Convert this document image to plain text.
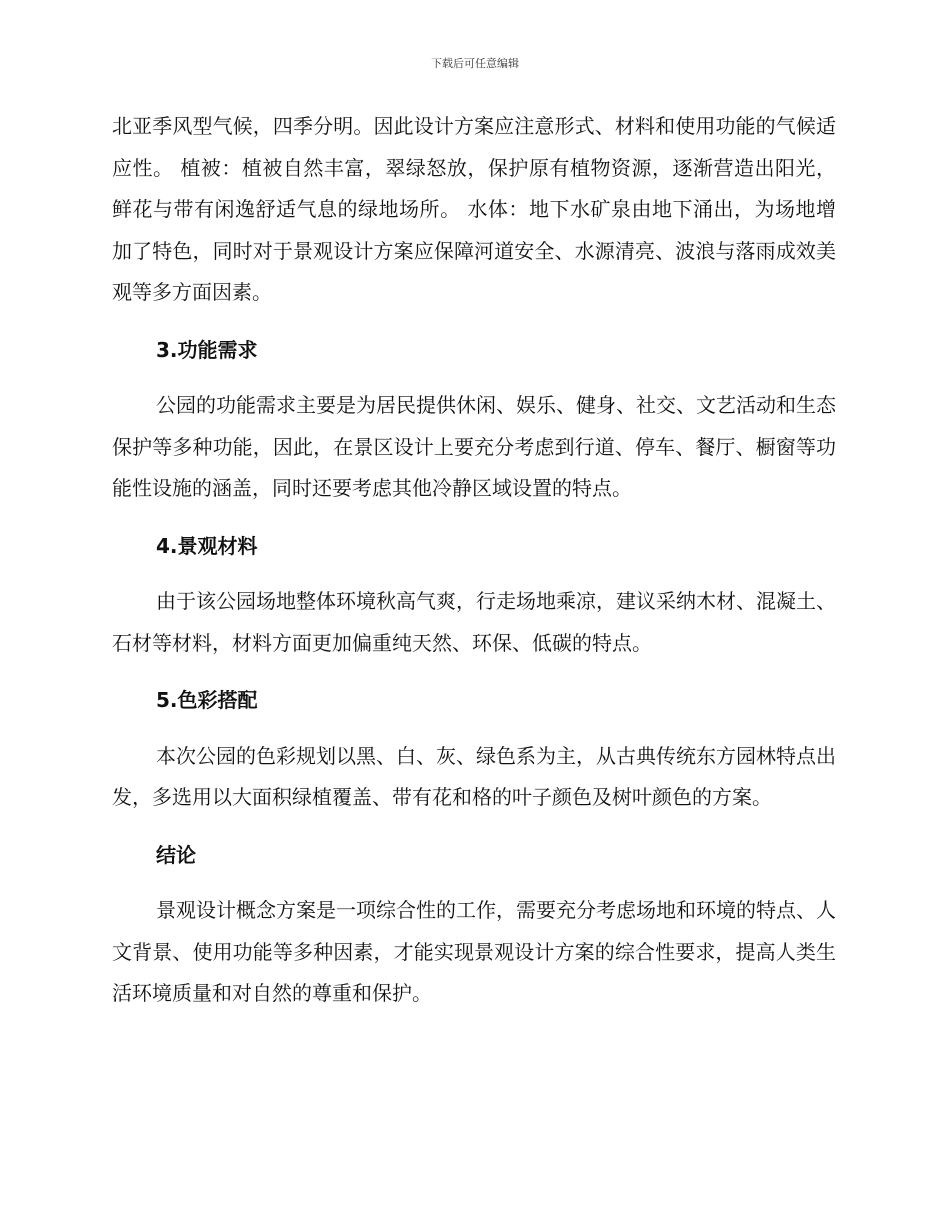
下载后可任意编辑

北亚季风型气候，四季分明。因此设计方案应注意形式、材料和使用功能的气候适应性。 植被：植被自然丰富，翠绿怒放，保护原有植物资源，逐渐营造出阳光，鲜花与带有闲逸舒适气息的绿地场所。 水体：地下水矿泉由地下涌出，为场地增加了特色，同时对于景观设计方案应保障河道安全、水源清亮、波浪与落雨成效美观等多方面因素。

3.功能需求

公园的功能需求主要是为居民提供休闲、娱乐、健身、社交、文艺活动和生态保护等多种功能，因此，在景区设计上要充分考虑到行道、停车、餐厅、橱窗等功能性设施的涵盖，同时还要考虑其他冷静区域设置的特点。

4.景观材料

由于该公园场地整体环境秋高气爽，行走场地乘凉，建议采纳木材、混凝土、石材等材料，材料方面更加偏重纯天然、环保、低碳的特点。

5.色彩搭配

本次公园的色彩规划以黑、白、灰、绿色系为主，从古典传统东方园林特点出发，多选用以大面积绿植覆盖、带有花和格的叶子颜色及树叶颜色的方案。

结论

景观设计概念方案是一项综合性的工作，需要充分考虑场地和环境的特点、人文背景、使用功能等多种因素，才能实现景观设计方案的综合性要求，提高人类生活环境质量和对自然的尊重和保护。
